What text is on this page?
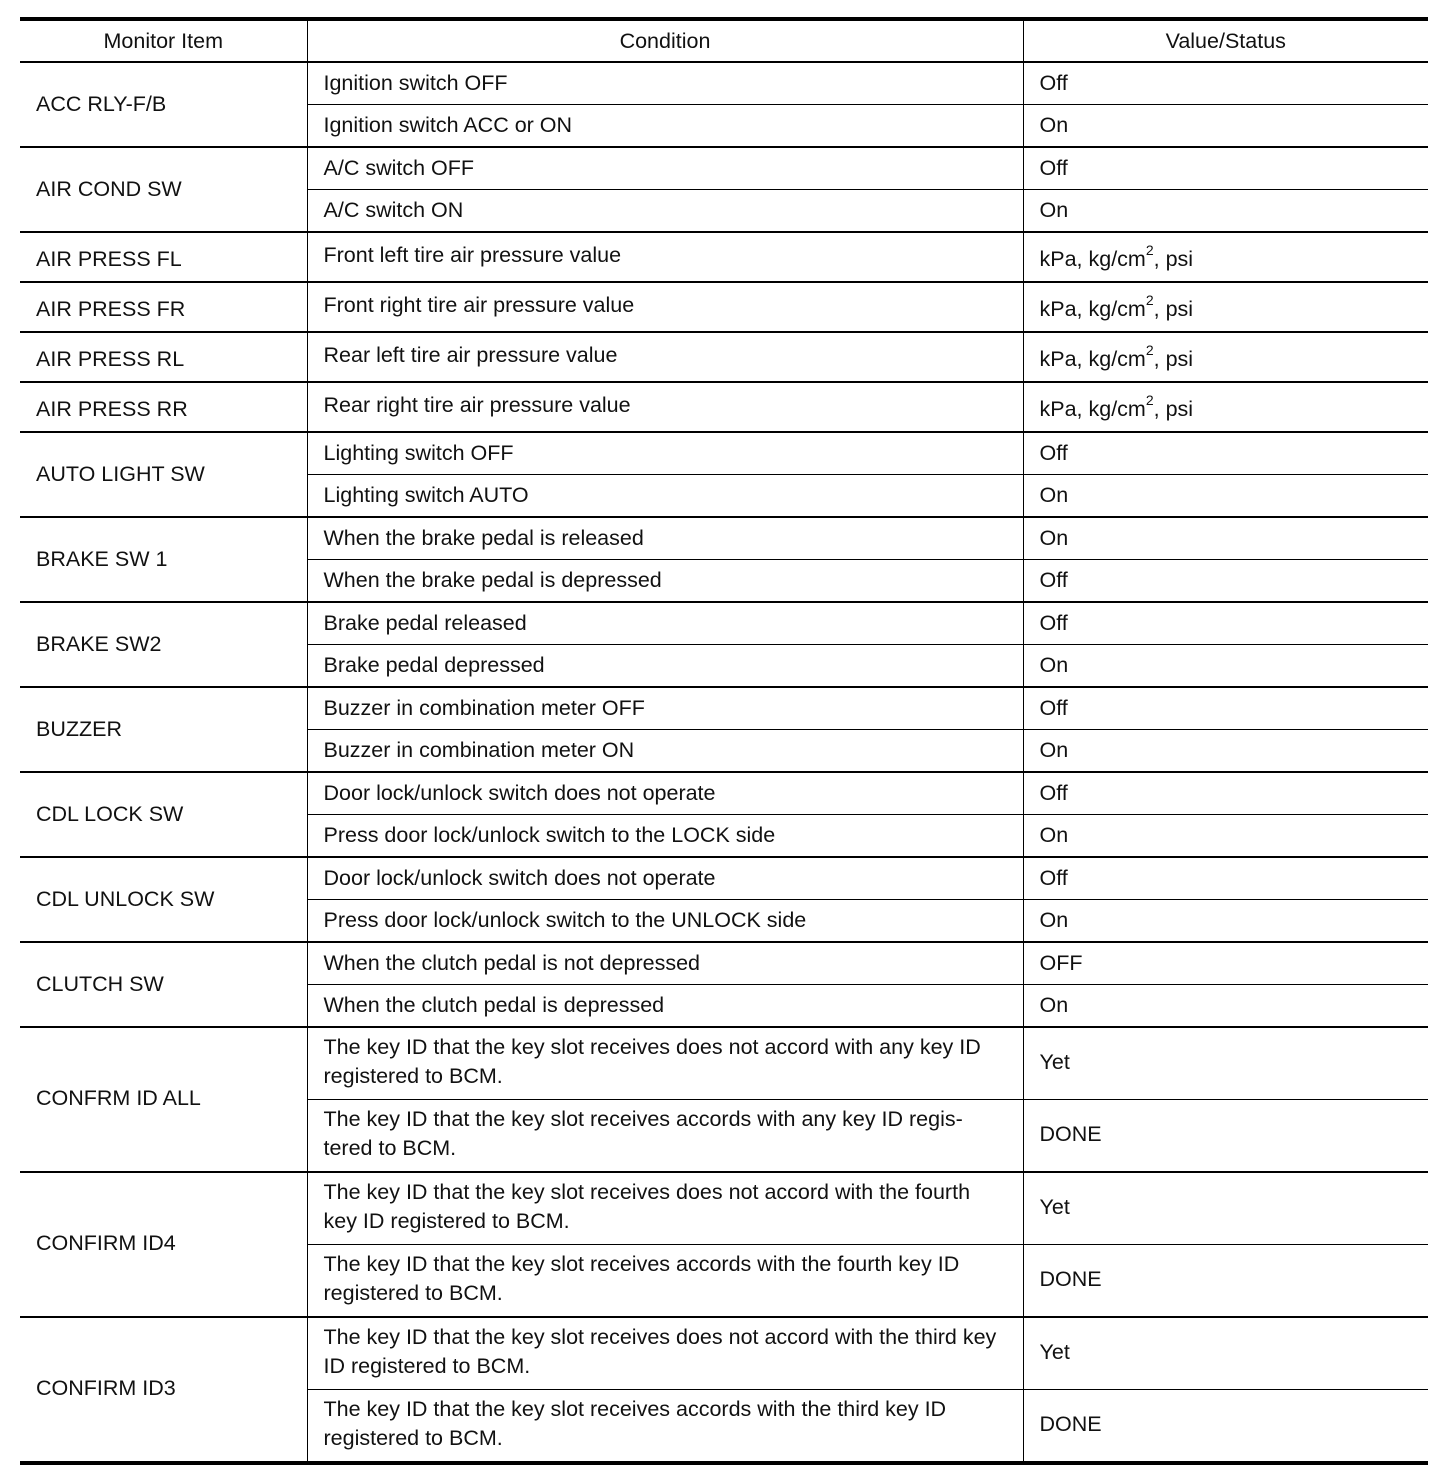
Monitor Item	Condition	Value/Status
ACC RLY-F/B	Ignition switch OFF	Off
	Ignition switch ACC or ON	On
AIR COND SW	A/C switch OFF	Off
	A/C switch ON	On
AIR PRESS FL	Front left tire air pressure value	kPa, $kg/cm^2$, psi
AIR PRESS FR	Front right tire air pressure value	kPa, $kg/cm^2$, psi
AIR PRESS RL	Rear left tire air pressure value	kPa, $kg/cm^2$, psi
AIR PRESS RR	Rear right tire air pressure value	kPa, $kg/cm^2$, psi
AUTO LIGHT SW	Lighting switch OFF	Off
	Lighting switch AUTO	On
BRAKE SW 1	When the brake pedal is released	On
	When the brake pedal is depressed	Off
BRAKE SW2	Brake pedal released	Off
	Brake pedal depressed	On
BUZZER	Buzzer in combination meter OFF	Off
	Buzzer in combination meter ON	On
CDL LOCK SW	Door lock/unlock switch does not operate	Off
	Press door lock/unlock switch to the LOCK side	On
CDL UNLOCK SW	Door lock/unlock switch does not operate	Off
	Press door lock/unlock switch to the UNLOCK side	On
CLUTCH SW	When the clutch pedal is not depressed	OFF
	When the clutch pedal is depressed	On
CONFRM ID ALL	The key ID that the key slot receives does not accord with any key ID registered to BCM.	Yet
	The key ID that the key slot receives accords with any key ID regis-tered to BCM.	DONE
CONFIRM ID4	The key ID that the key slot receives does not accord with the fourth key ID registered to BCM.	Yet
	The key ID that the key slot receives accords with the fourth key ID registered to BCM.	DONE
CONFIRM ID3	The key ID that the key slot receives does not accord with the third key ID registered to BCM.	Yet
	The key ID that the key slot receives accords with the third key ID registered to BCM.	DONE
